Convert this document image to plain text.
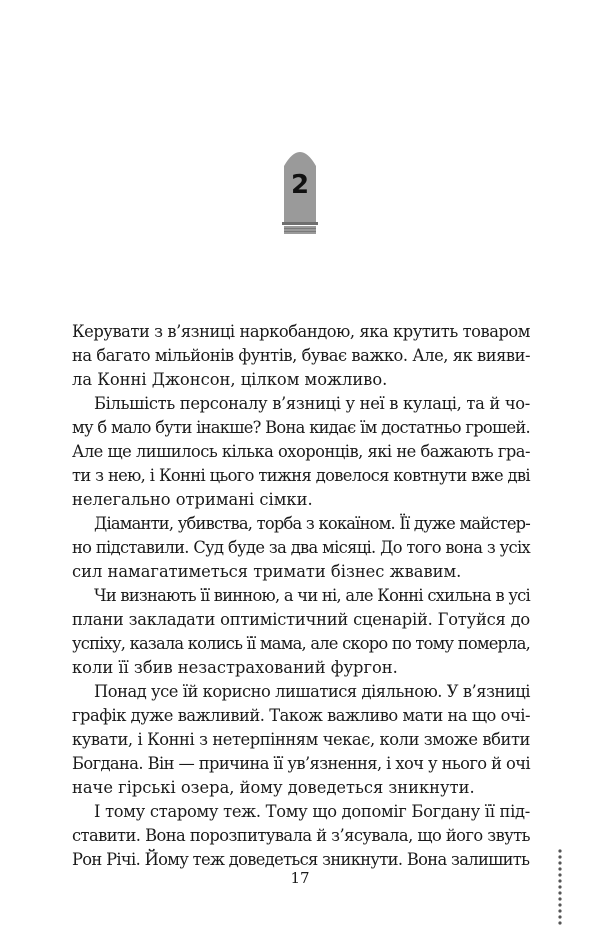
2
Керувати з в’язниці наркобандою, яка крутить товаром
на багато мільйонів фунтів, буває важко. Але, як вияви-
ла Конні Джонсон, цілком можливо.
Більшість персоналу в’язниці у неї в кулаці, та й чо-
му б мало бути інакше? Вона кидає їм достатньо грошей.
Але ще лишилось кілька охоронців, які не бажають гра-
ти з нею, і Конні цього тижня довелося ковтнути вже дві
нелегально отримані сімки.
Діаманти, убивства, торба з кокаїном. Її дуже майстер-
но підставили. Суд буде за два місяці. До того вона з усіх
сил намагатиметься тримати бізнес жвавим.
Чи визнають її винною, а чи ні, але Конні схильна в усі
плани закладати оптимістичний сценарій. Готуйся до
успіху, казала колись її мама, але скоро по тому померла,
коли її збив незастрахований фургон.
Понад усе їй корисно лишатися діяльною. У в’язниці
графік дуже важливий. Також важливо мати на що очі-
кувати, і Конні з нетерпінням чекає, коли зможе вбити
Богдана. Він — причина її ув’язнення, і хоч у нього й очі
наче гірські озера, йому доведеться зникнути.
І тому старому теж. Тому що допоміг Богдану її під-
ставити. Вона порозпитувала й з’ясувала, що його звуть
Рон Річі. Йому теж доведеться зникнути. Вона залишить
17
